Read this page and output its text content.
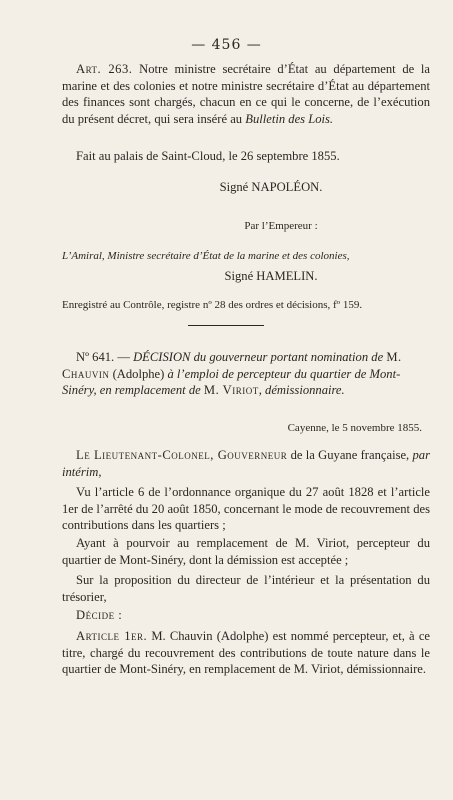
— 456 —
Art. 263. Notre ministre secrétaire d’État au département de la marine et des colonies et notre ministre secrétaire d’État au département des finances sont chargés, chacun en ce qui le concerne, de l’exécution du présent décret, qui sera inséré au Bulletin des Lois.
Fait au palais de Saint-Cloud, le 26 septembre 1855.
Signé NAPOLÉON.
Par l’Empereur :
L’Amiral, Ministre secrétaire d’État de la marine et des colonies,
Signé HAMELIN.
Enregistré au Contrôle, registre nº 28 des ordres et décisions, fº 159.
Nº 641. — DÉCISION du gouverneur portant nomination de M. Chauvin (Adolphe) à l’emploi de percepteur du quartier de Mont-Sinéry, en remplacement de M. Viriot, démissionnaire.
Cayenne, le 5 novembre 1855.
Le Lieutenant-Colonel, Gouverneur de la Guyane française, par intérim,
Vu l’article 6 de l’ordonnance organique du 27 août 1828 et l’article 1er de l’arrêté du 20 août 1850, concernant le mode de recouvrement des contributions dans les quartiers ;
Ayant à pourvoir au remplacement de M. Viriot, percepteur du quartier de Mont-Sinéry, dont la démission est acceptée ;
Sur la proposition du directeur de l’intérieur et la présentation du trésorier,
Décide :
Article 1er. M. Chauvin (Adolphe) est nommé percepteur, et, à ce titre, chargé du recouvrement des contributions de toute nature dans le quartier de Mont-Sinéry, en remplacement de M. Viriot, démissionnaire.
